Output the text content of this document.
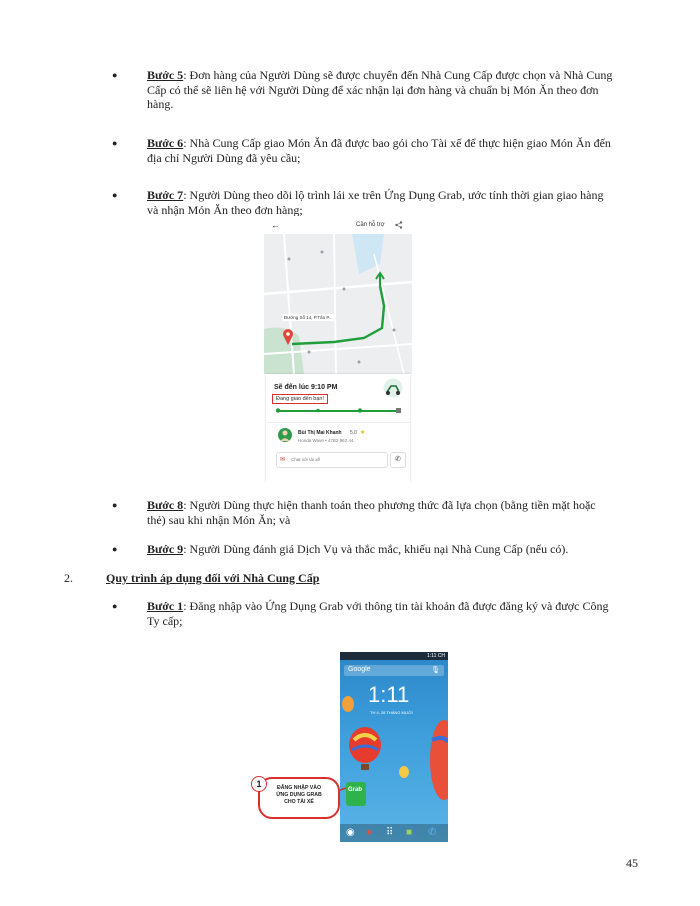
● Bước 5: Đơn hàng của Người Dùng sẽ được chuyển đến Nhà Cung Cấp được chọn và Nhà Cung
Cấp có thể sẽ liên hệ với Người Dùng để xác nhận lại đơn hàng và chuẩn bị Món Ăn theo đơn
hàng.
● Bước 6: Nhà Cung Cấp giao Món Ăn đã được bao gói cho Tài xế để thực hiện giao Món Ăn đến
địa chỉ Người Dùng đã yêu cầu;
● Bước 7: Người Dùng theo dõi lộ trình lái xe trên Ứng Dụng Grab, ước tính thời gian giao hàng
và nhận Món Ăn theo đơn hàng;
←	Cần hỗ trợ
Đường Số 14, P.Tân P...
Sẽ đến lúc 9:10 PM
Đang giao đến bạn!
Bùi Thị Mai Khanh 5.0 ★
Honda Wave • 47B2 962.44
✉ Chat với tài xế	✆
● Bước 8: Người Dùng thực hiện thanh toán theo phương thức đã lựa chọn (bằng tiền mặt hoặc
thẻ) sau khi nhận Món Ăn; và
● Bước 9: Người Dùng đánh giá Dịch Vụ và thắc mắc, khiếu nại Nhà Cung Cấp (nếu có).
2.	Quy trình áp dụng đối với Nhà Cung Cấp
● Bước 1: Đăng nhập vào Ứng Dụng Grab với thông tin tài khoản đã được đăng ký và được Công
Ty cấp;
1:11 CH
Google	🎙
1:11
TH 4, 28 THÁNG MƯỜI
Grab
◉ ● ⠿ ■ ✆
ĐĂNG NHẬP VÀO
ỨNG DỤNG GRAB
CHO TÀI XẾ
1
45
